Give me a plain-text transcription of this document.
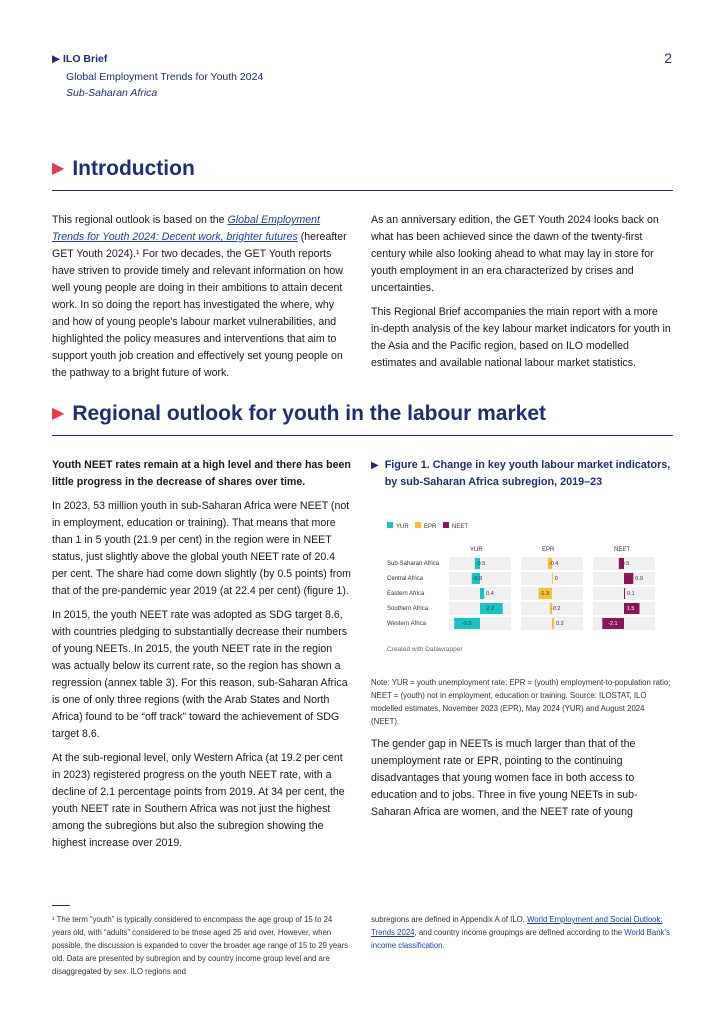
▶ ILO Brief
Global Employment Trends for Youth 2024
Sub-Saharan Africa
2
▶ Introduction

This regional outlook is based on the Global Employment Trends for Youth 2024: Decent work, brighter futures (hereafter GET Youth 2024).¹ For two decades, the GET Youth reports have striven to provide timely and relevant information on how well young people are doing in their ambitions to attain decent work. In so doing the report has investigated the where, why and how of young people's labour market vulnerabilities, and highlighted the policy measures and interventions that aim to support youth job creation and effectively set young people on the pathway to a bright future of work.

As an anniversary edition, the GET Youth 2024 looks back on what has been achieved since the dawn of the twenty-first century while also looking ahead to what may lay in store for youth employment in an era characterized by crises and uncertainties.

This Regional Brief accompanies the main report with a more in-depth analysis of the key labour market indicators for youth in the Asia and the Pacific region, based on ILO modelled estimates and available national labour market statistics.

▶ Regional outlook for youth in the labour market

Youth NEET rates remain at a high level and there has been little progress in the decrease of shares over time.

In 2023, 53 million youth in sub-Saharan Africa were NEET (not in employment, education or training). That means that more than 1 in 5 youth (21.9 per cent) in the region were in NEET status, just slightly above the global youth NEET rate of 20.4 per cent. The share had come down slightly (by 0.5 points) from that of the pre-pandemic year 2019 (at 22.4 per cent) (figure 1).

In 2015, the youth NEET rate was adopted as SDG target 8.6, with countries pledging to substantially decrease their numbers of young NEETs. In 2015, the youth NEET rate in the region was actually below its current rate, so the region has shown a regression (annex table 3). For this reason, sub-Saharan Africa is one of only three regions (with the Arab States and North Africa) found to be “off track” toward the achievement of SDG target 8.6.

At the sub-regional level, only Western Africa (at 19.2 per cent in 2023) registered progress on the youth NEET rate, with a decline of 2.1 percentage points from 2019. At 34 per cent, the youth NEET rate in Southern Africa was not just the highest among the subregions but also the subregion showing the highest increase over 2019.

▶ Figure 1. Change in key youth labour market indicators, by sub-Saharan Africa subregion, 2019–23
YUR	EPR	NEET
Sub-Saharan Africa
Central Africa
Eastern Africa
Southern Africa
Western Africa
YUR
-0.5
-0.8
0.4
2.2
-2.5
EPR
-0.4
0
-1.3
-0.2
0.2
NEET
-0.5
0.9
0.1
1.5
-2.1
Created with Datawrapper
Note: YUR = youth unemployment rate; EPR = (youth) employment-to-population ratio; NEET = (youth) not in employment, education or training. Source: ILOSTAT, ILO modelled estimates, November 2023 (EPR), May 2024 (YUR) and August 2024 (NEET).

The gender gap in NEETs is much larger than that of the unemployment rate or EPR, pointing to the continuing disadvantages that young women face in both access to education and to jobs. Three in five young NEETs in sub-Saharan Africa are women, and the NEET rate of young

¹ The term “youth” is typically considered to encompass the age group of 15 to 24 years old, with “adults” considered to be those aged 25 and over. However, when possible, the discussion is expanded to cover the broader age range of 15 to 29 years old. Data are presented by subregion and by country income group level and are disaggregated by sex. ILO regions and
subregions are defined in Appendix A of ILO, World Employment and Social Outlook: Trends 2024, and country income groupings are defined according to the World Bank's income classification.
